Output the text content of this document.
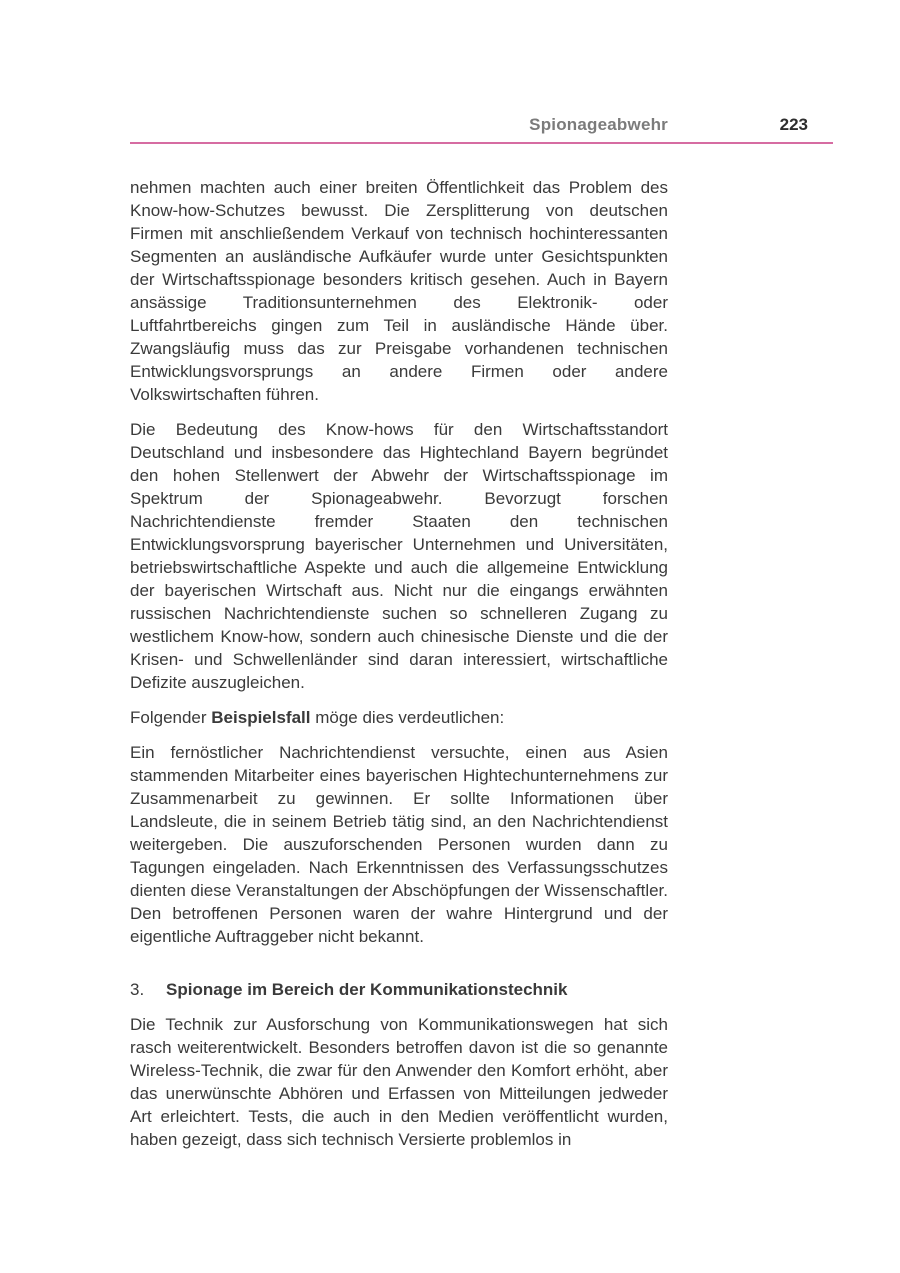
Spionageabwehr	223

nehmen machten auch einer breiten Öffentlichkeit das Problem des Know-how-Schutzes bewusst. Die Zersplitterung von deutschen Firmen mit anschließendem Verkauf von technisch hochinteressanten Segmenten an ausländische Aufkäufer wurde unter Gesichtspunkten der Wirtschaftsspionage besonders kritisch gesehen. Auch in Bayern ansässige Traditionsunternehmen des Elektronik- oder Luftfahrtbereichs gingen zum Teil in ausländische Hände über. Zwangsläufig muss das zur Preisgabe vorhandenen technischen Entwicklungsvorsprungs an andere Firmen oder andere Volkswirtschaften führen.

Die Bedeutung des Know-hows für den Wirtschaftsstandort Deutschland und insbesondere das Hightechland Bayern begründet den hohen Stellenwert der Abwehr der Wirtschaftsspionage im Spektrum der Spionageabwehr. Bevorzugt forschen Nachrichtendienste fremder Staaten den technischen Entwicklungsvorsprung bayerischer Unternehmen und Universitäten, betriebswirtschaftliche Aspekte und auch die allgemeine Entwicklung der bayerischen Wirtschaft aus. Nicht nur die eingangs erwähnten russischen Nachrichtendienste suchen so schnelleren Zugang zu westlichem Know-how, sondern auch chinesische Dienste und die der Krisen- und Schwellenländer sind daran interessiert, wirtschaftliche Defizite auszugleichen.

Folgender Beispielsfall möge dies verdeutlichen:

Ein fernöstlicher Nachrichtendienst versuchte, einen aus Asien stammenden Mitarbeiter eines bayerischen Hightechunternehmens zur Zusammenarbeit zu gewinnen. Er sollte Informationen über Landsleute, die in seinem Betrieb tätig sind, an den Nachrichtendienst weitergeben. Die auszuforschenden Personen wurden dann zu Tagungen eingeladen. Nach Erkenntnissen des Verfassungsschutzes dienten diese Veranstaltungen der Abschöpfungen der Wissenschaftler. Den betroffenen Personen waren der wahre Hintergrund und der eigentliche Auftraggeber nicht bekannt.

3.	Spionage im Bereich der Kommunikationstechnik

Die Technik zur Ausforschung von Kommunikationswegen hat sich rasch weiterentwickelt. Besonders betroffen davon ist die so genannte Wireless-Technik, die zwar für den Anwender den Komfort erhöht, aber das unerwünschte Abhören und Erfassen von Mitteilungen jedweder Art erleichtert. Tests, die auch in den Medien veröffentlicht wurden, haben gezeigt, dass sich technisch Versierte problemlos in
